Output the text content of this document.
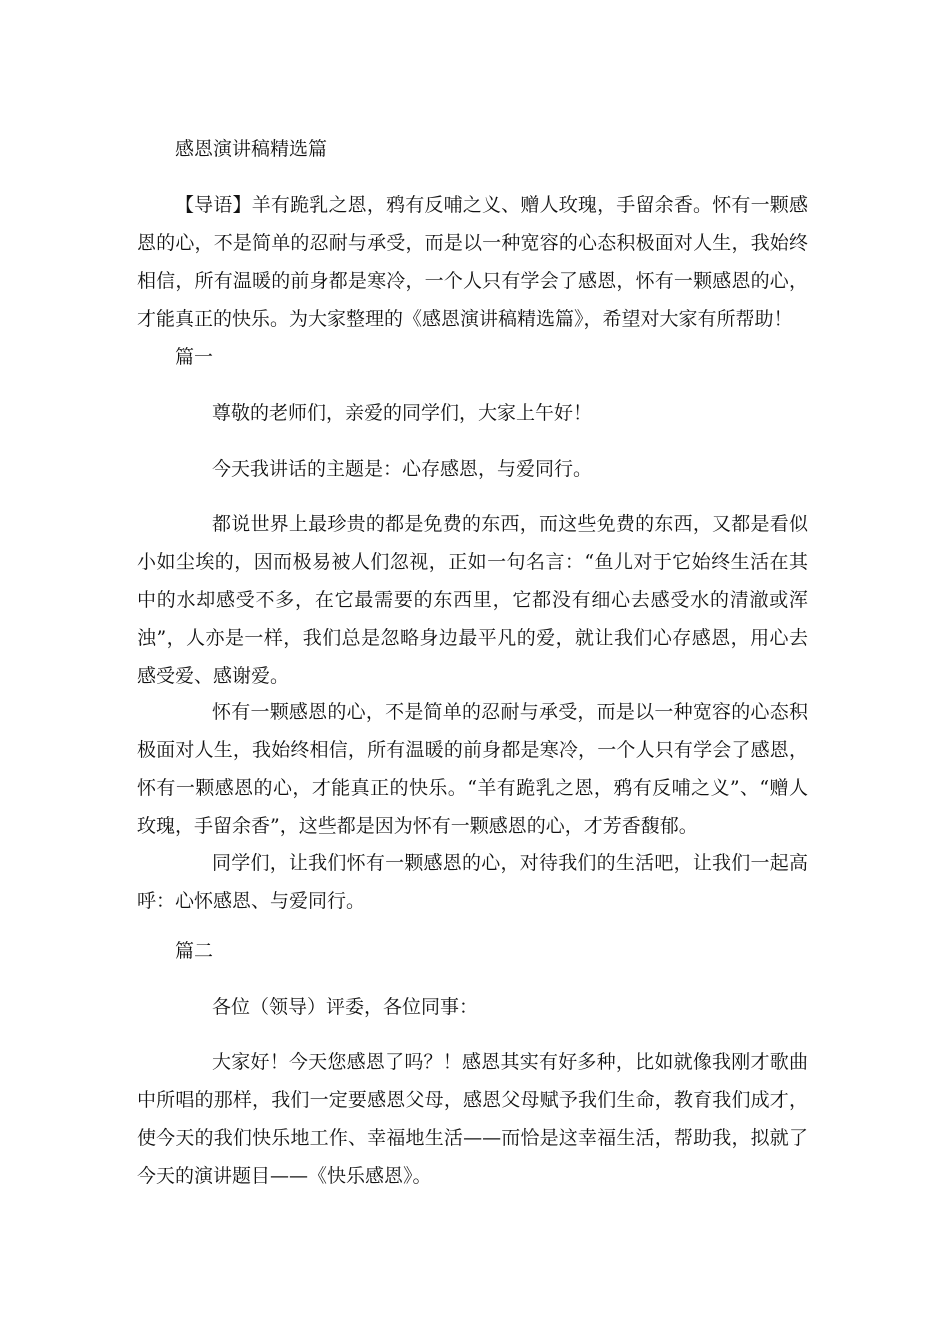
感恩演讲稿精选篇

【导语】羊有跪乳之恩，鸦有反哺之义、赠人玫瑰，手留余香。怀有一颗感恩的心，不是简单的忍耐与承受，而是以一种宽容的心态积极面对人生，我始终相信，所有温暖的前身都是寒冷，一个人只有学会了感恩，怀有一颗感恩的心，才能真正的快乐。为大家整理的《感恩演讲稿精选篇》，希望对大家有所帮助！

篇一

尊敬的老师们，亲爱的同学们，大家上午好！

今天我讲话的主题是：心存感恩，与爱同行。

都说世界上最珍贵的都是免费的东西，而这些免费的东西，又都是看似小如尘埃的，因而极易被人们忽视，正如一句名言：“鱼儿对于它始终生活在其中的水却感受不多，在它最需要的东西里，它都没有细心去感受水的清澈或浑浊”，人亦是一样，我们总是忽略身边最平凡的爱，就让我们心存感恩，用心去感受爱、感谢爱。

怀有一颗感恩的心，不是简单的忍耐与承受，而是以一种宽容的心态积极面对人生，我始终相信，所有温暖的前身都是寒冷，一个人只有学会了感恩，怀有一颗感恩的心，才能真正的快乐。“羊有跪乳之恩，鸦有反哺之义”、“赠人玫瑰，手留余香”，这些都是因为怀有一颗感恩的心，才芳香馥郁。

同学们，让我们怀有一颗感恩的心，对待我们的生活吧，让我们一起高呼：心怀感恩、与爱同行。

篇二

各位（领导）评委，各位同事：

大家好！今天您感恩了吗？！感恩其实有好多种，比如就像我刚才歌曲中所唱的那样，我们一定要感恩父母，感恩父母赋予我们生命，教育我们成才，使今天的我们快乐地工作、幸福地生活——而恰是这幸福生活，帮助我，拟就了今天的演讲题目——《快乐感恩》。
